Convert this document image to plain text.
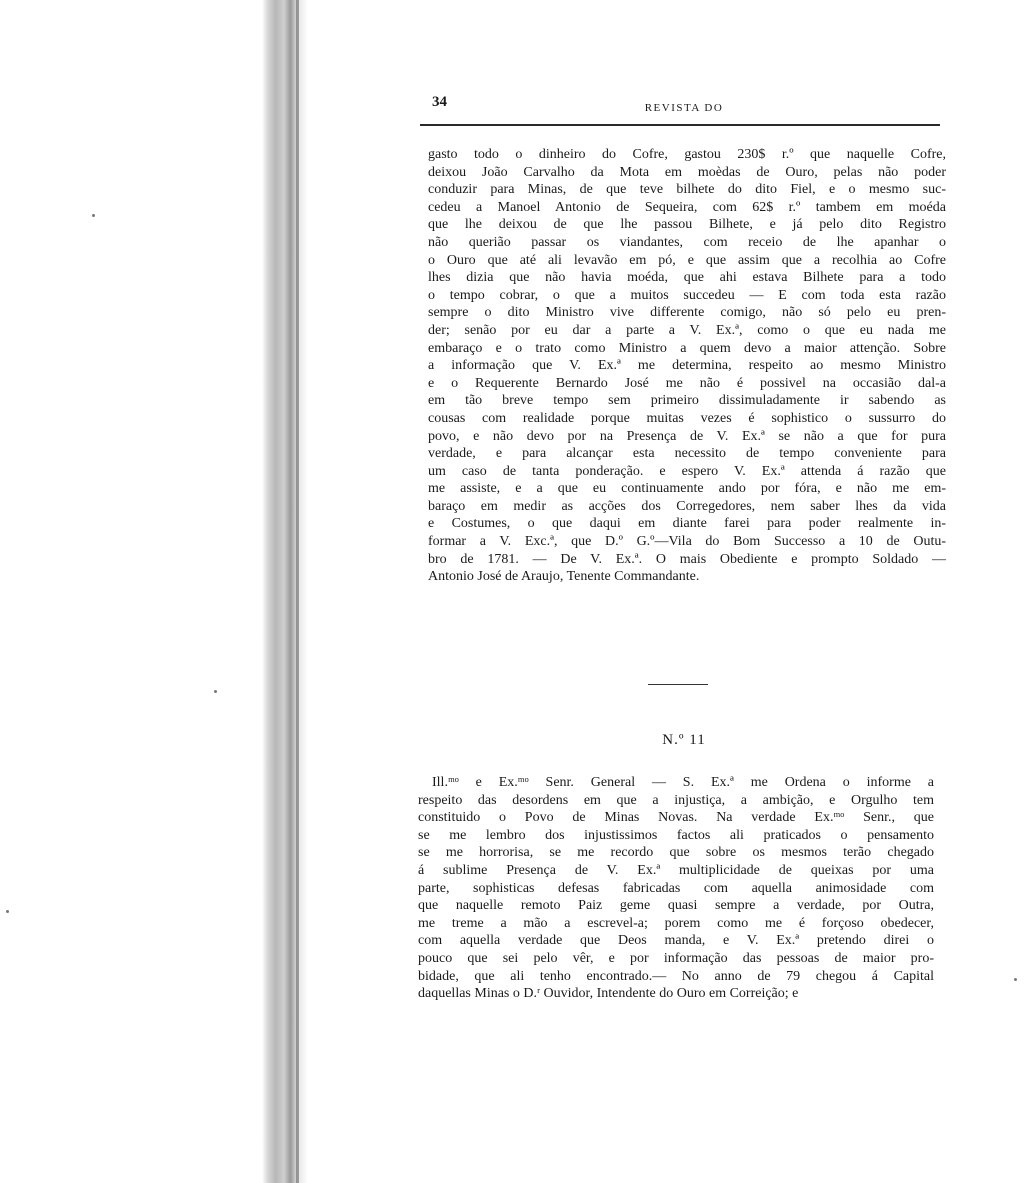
34	REVISTA DO
gasto todo o dinheiro do Cofre, gastou 230$ r.º que naquelle Cofre,
deixou João Carvalho da Mota em moèdas de Ouro, pelas não poder
conduzir para Minas, de que teve bilhete do dito Fiel, e o mesmo suc-
cedeu a Manoel Antonio de Sequeira, com 62$ r.º tambem em moéda
que lhe deixou de que lhe passou Bilhete, e já pelo dito Registro
não querião passar os viandantes, com receio de lhe apanhar o
o Ouro que até ali levavão em pó, e que assim que a recolhia ao Cofre
lhes dizia que não havia moéda, que ahi estava Bilhete para a todo
o tempo cobrar, o que a muitos succedeu — E com toda esta razão
sempre o dito Ministro vive differente comigo, não só pelo eu pren-
der; senão por eu dar a parte a V. Ex.ª, como o que eu nada me
embaraço e o trato como Ministro a quem devo a maior attenção. Sobre
a informação que V. Ex.ª me determina, respeito ao mesmo Ministro
e o Requerente Bernardo José me não é possivel na occasião dal-a
em tão breve tempo sem primeiro dissimuladamente ir sabendo as
cousas com realidade porque muitas vezes é sophistico o sussurro do
povo, e não devo por na Presença de V. Ex.ª se não a que for pura
verdade, e para alcançar esta necessito de tempo conveniente para
um caso de tanta ponderação. e espero V. Ex.ª attenda á razão que
me assiste, e a que eu continuamente ando por fóra, e não me em-
baraço em medir as acções dos Corregedores, nem saber lhes da vida
e Costumes, o que daqui em diante farei para poder realmente in-
formar a V. Exc.ª, que D.º G.º—Vila do Bom Successo a 10 de Outu-
bro de 1781. — De V. Ex.ª. O mais Obediente e prompto Soldado —
Antonio José de Araujo, Tenente Commandante.
N.º 11
Ill.ᵐᵒ e Ex.ᵐᵒ Senr. General — S. Ex.ª me Ordena o informe a
respeito das desordens em que a injustiça, a ambição, e Orgulho tem
constituido o Povo de Minas Novas. Na verdade Ex.ᵐᵒ Senr., que
se me lembro dos injustissimos factos ali praticados o pensamento
se me horrorisa, se me recordo que sobre os mesmos terão chegado
á sublime Presença de V. Ex.ª multiplicidade de queixas por uma
parte, sophisticas defesas fabricadas com aquella animosidade com
que naquelle remoto Paiz geme quasi sempre a verdade, por Outra,
me treme a mão a escrevel-a; porem como me é forçoso obedecer,
com aquella verdade que Deos manda, e V. Ex.ª pretendo direi o
pouco que sei pelo vêr, e por informação das pessoas de maior pro-
bidade, que ali tenho encontrado.— No anno de 79 chegou á Capital
daquellas Minas o D.ʳ Ouvidor, Intendente do Ouro em Correição; e
